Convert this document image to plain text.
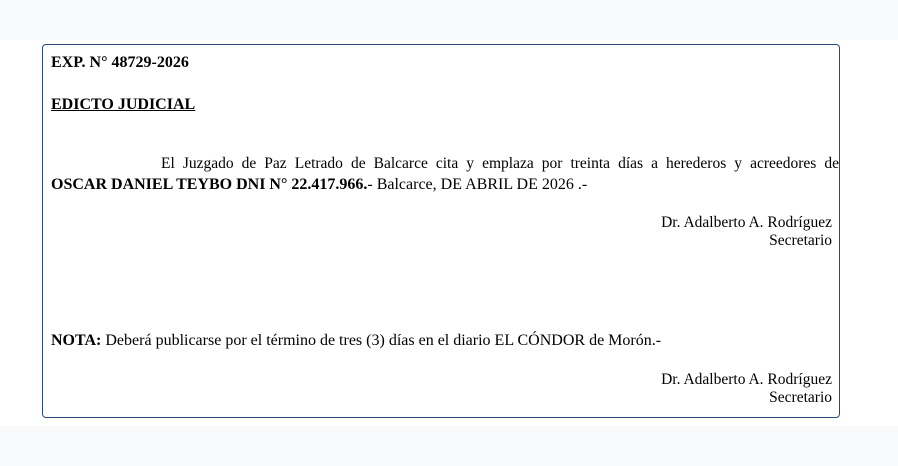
EXP. N° 48729-2026
EDICTO JUDICIAL
El Juzgado de Paz Letrado de Balcarce cita y emplaza por treinta días a herederos y acreedores de
OSCAR DANIEL TEYBO DNI N° 22.417.966.- Balcarce, DE ABRIL DE 2026 .-
Dr. Adalberto A. Rodríguez
Secretario
NOTA: Deberá publicarse por el término de tres (3) días en el diario EL CÓNDOR de Morón.-
Dr. Adalberto A. Rodríguez
Secretario
